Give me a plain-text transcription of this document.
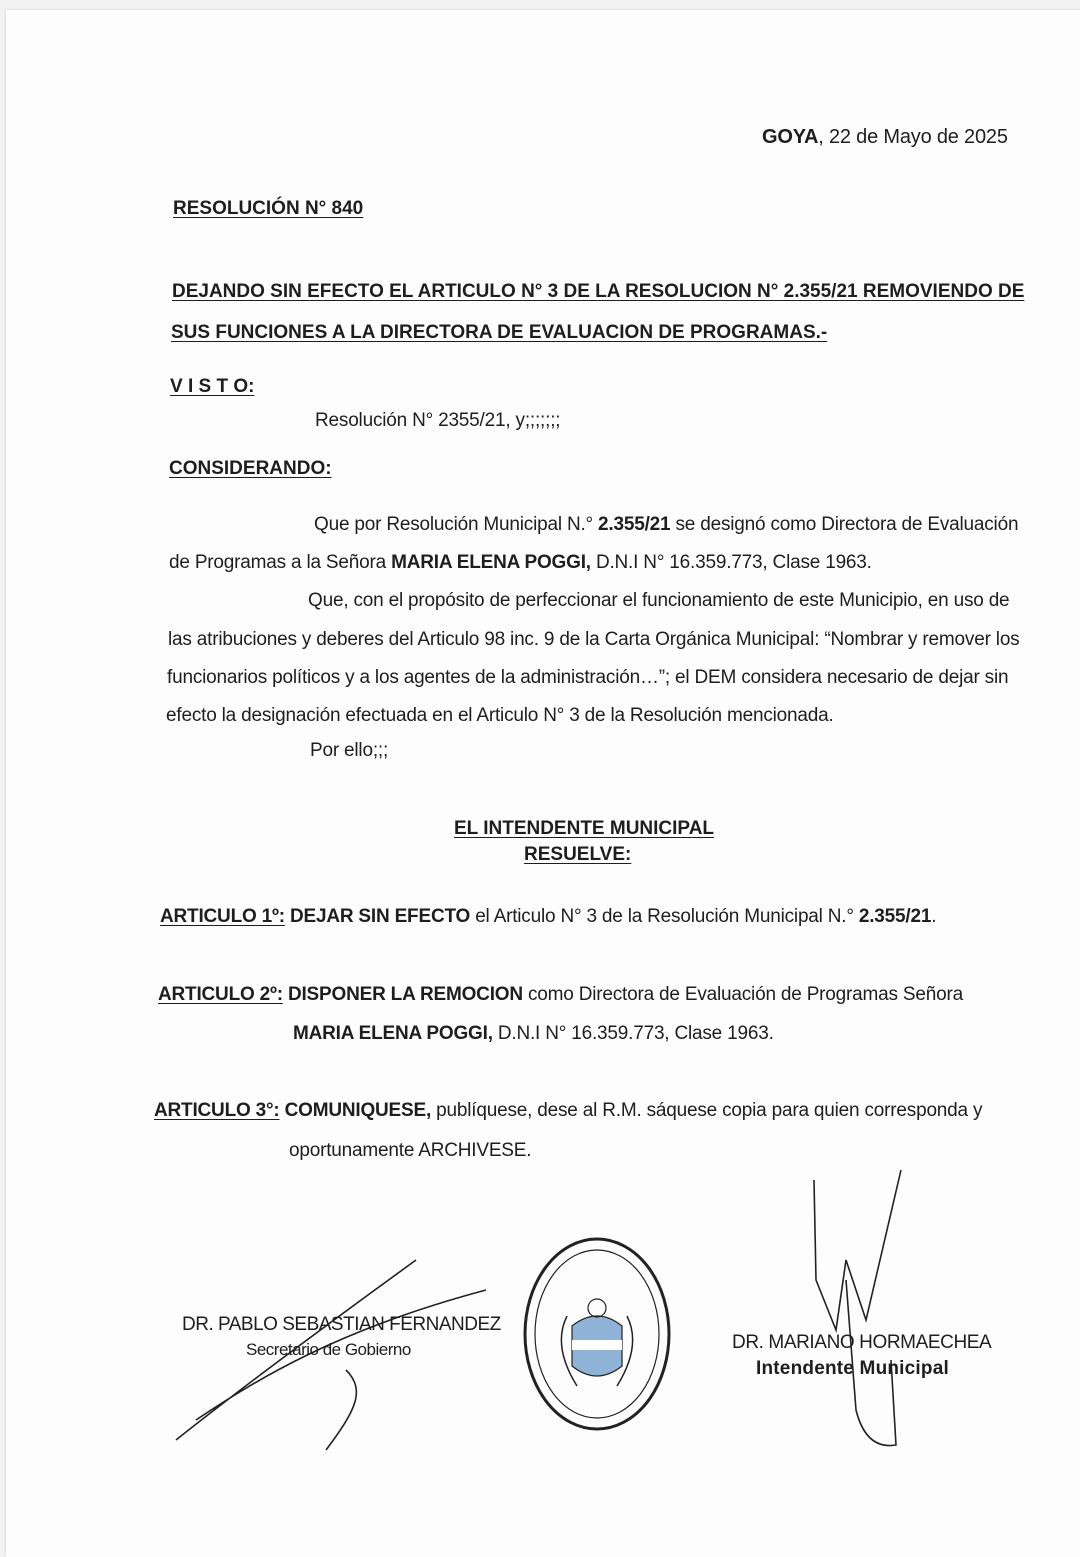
GOYA, 22 de Mayo de 2025
RESOLUCIÓN N° 840
DEJANDO SIN EFECTO EL ARTICULO N° 3 DE LA RESOLUCION N° 2.355/21 REMOVIENDO DE
SUS FUNCIONES A LA DIRECTORA DE EVALUACION DE PROGRAMAS.-
V I S T O:
Resolución N° 2355/21, y;;;;;;;
CONSIDERANDO:
Que por Resolución Municipal N.° 2.355/21 se designó como Directora de Evaluación
de Programas a la Señora MARIA ELENA POGGI, D.N.I N° 16.359.773, Clase 1963.
Que, con el propósito de perfeccionar el funcionamiento de este Municipio, en uso de
las atribuciones y deberes del Articulo 98 inc. 9 de la Carta Orgánica Municipal: “Nombrar y remover los
funcionarios políticos y a los agentes de la administración…”; el DEM considera necesario de dejar sin
efecto la designación efectuada en el Articulo N° 3 de la Resolución mencionada.
Por ello;;;
EL INTENDENTE MUNICIPAL
RESUELVE:
ARTICULO 1º: DEJAR SIN EFECTO el Articulo N° 3 de la Resolución Municipal N.° 2.355/21.
ARTICULO 2º: DISPONER LA REMOCION como Directora de Evaluación de Programas Señora
MARIA ELENA POGGI, D.N.I N° 16.359.773, Clase 1963.
ARTICULO 3°: COMUNIQUESE, publíquese, dese al R.M. sáquese copia para quien corresponda y
oportunamente ARCHIVESE.
DR. PABLO SEBASTIAN FERNANDEZ
Secretario de Gobierno	DR. MARIANO HORMAECHEA
Intendente Municipal
